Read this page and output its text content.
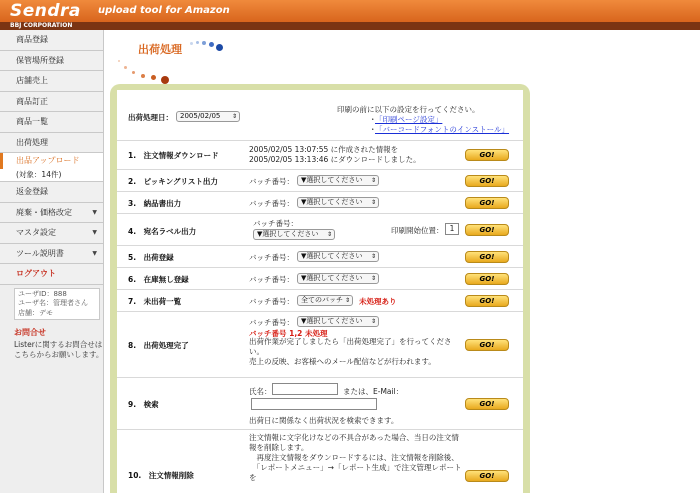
Sendra upload tool for Amazon
BBJ CORPORATION
商品登録
保管場所登録
店舗売上
商品訂正
商品一覧
出荷処理
出品アップロード
(対象：14件)
返金登録
廃棄・価格改定	▼
マスタ設定	▼
ツール説明書	▼
ログアウト
ユーザID：888
ユーザ名：管理者さん
店舗：デモ
お問合せ
Listerに関するお問合せは
こちらからお願いします。
出荷処理
出荷処理日：	2005/02/05 ⇕
印刷の前に以下の設定を行ってください。
「印刷ページ設定」
「バーコードフォントのインストール」
・
・
1.　注文情報ダウンロード
2005/02/05 13:07:55 に作成された情報を
2005/02/05 13:13:46 にダウンロードしました。	GO!
2.　ピッキングリスト出力	バッチ番号：	▼選択してください ⇕	GO!
3.　納品書出力	バッチ番号：	▼選択してください ⇕	GO!
4.　宛名ラベル出力
バッチ番号：
▼選択してください ⇕	印刷開始位置： 1	GO!
5.　出荷登録	バッチ番号：	▼選択してください ⇕	GO!
6.　在庫無し登録	バッチ番号：	▼選択してください ⇕	GO!
7.　未出荷一覧	バッチ番号：	全てのバッチ ⇕ 未処理あり	GO!
8.　出荷処理完了
バッチ番号：	▼選択してください ⇕
バッチ番号 1,2 未処理
出荷作業が完了しましたら「出荷処理完了」を行ってくださ
い。
売上の反映、お客様へのメール配信などが行われます。
GO!
9.　検索
氏名：	または、E-Mail：
出荷日に関係なく出荷状況を検索できます。
GO!
10.　注文情報削除
注文情報に文字化けなどの不具合があった場合、当日の注文情
報を削除します。
　再度注文情報をダウンロードするには、注文情報を削除後、
　「レポートメニュー」→「レポート生成」で注文管理レポート
を	GO!
